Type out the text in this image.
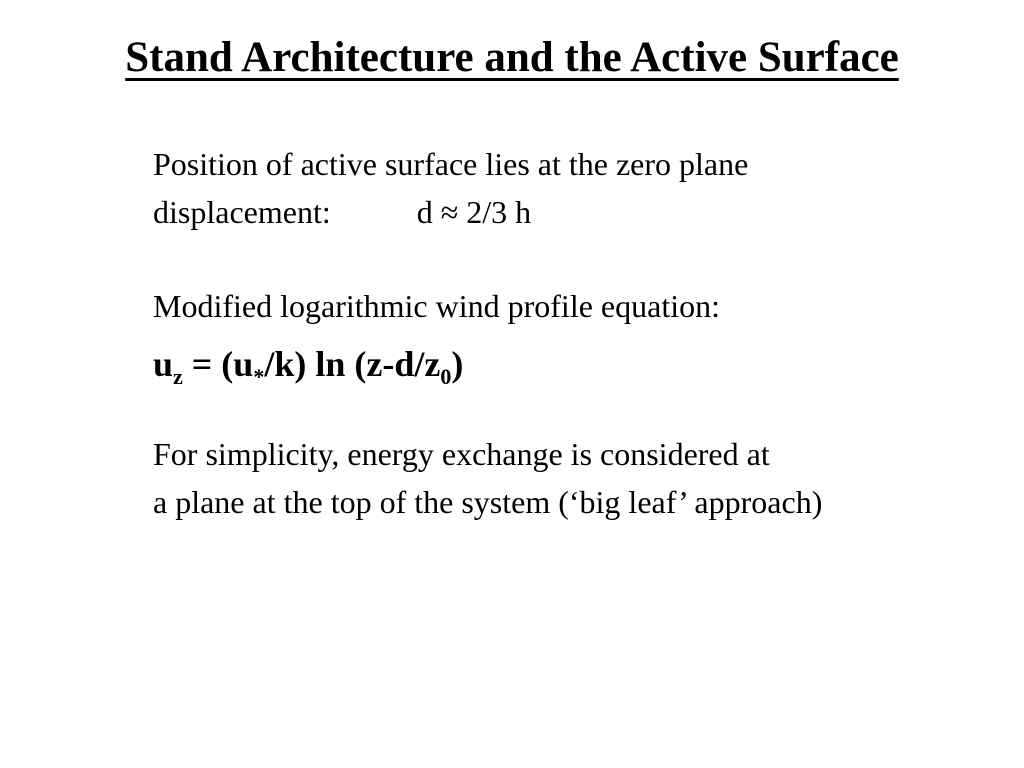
Stand Architecture and the Active Surface
Position of active surface lies at the zero plane
displacement:	d ≈ 2/3 h
Modified logarithmic wind profile equation:
$u_z = (u_*/k)$ $\ln (z-d/z_0)$
For simplicity, energy exchange is considered at
a plane at the top of the system (‘big leaf’ approach)
